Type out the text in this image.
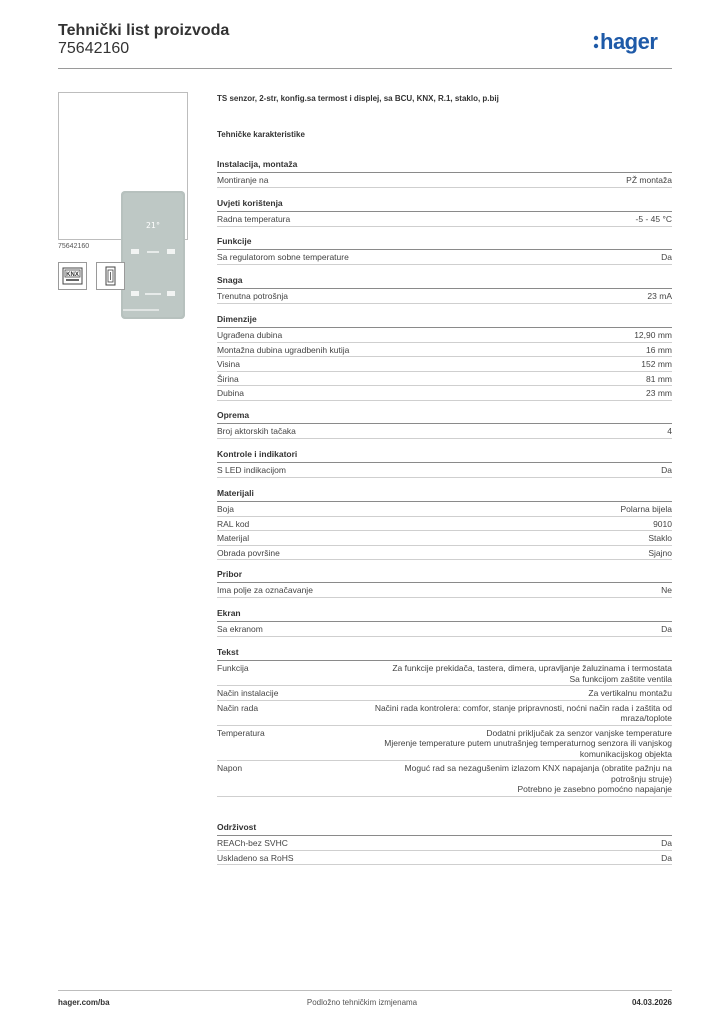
Tehnički list proizvoda
75642160	hager
21°
75642160
KNX
TS senzor, 2-str, konfig.sa termost i displej, sa BCU, KNX, R.1, staklo, p.bij
Tehničke karakteristike
Instalacija, montaža
Montiranje na	PŽ montaža
Uvjeti korištenja
Radna temperatura	-5 - 45 °C
Funkcije
Sa regulatorom sobne temperature	Da
Snaga
Trenutna potrošnja	23 mA
Dimenzije
Ugrađena dubina	12,90 mm
Montažna dubina ugradbenih kutija	16 mm
Visina	152 mm
Širina	81 mm
Dubina	23 mm
Oprema
Broj aktorskih tačaka	4
Kontrole i indikatori
S LED indikacijom	Da
Materijali
Boja	Polarna bijela
RAL kod	9010
Materijal	Staklo
Obrada površine	Sjajno
Pribor
Ima polje za označavanje	Ne
Ekran
Sa ekranom	Da
Tekst
Funkcija	Za funkcije prekidača, tastera, dimera, upravljanje žaluzinama i termostata
Sa funkcijom zaštite ventila
Način instalacije	Za vertikalnu montažu
Način rada	Načini rada kontrolera: comfor, stanje pripravnosti, noćni način rada i zaštita od mraza/toplote
Temperatura	Dodatni priključak za senzor vanjske temperature
Mjerenje temperature putem unutrašnjeg temperaturnog senzora ili vanjskog komunikacijskog objekta
Napon	Moguć rad sa nezagušenim izlazom KNX napajanja (obratite pažnju na potrošnju struje)
Potrebno je zasebno pomoćno napajanje
Održivost
REACh-bez SVHC	Da
Uskladeno sa RoHS	Da
hager.com/ba	Podložno tehničkim izmjenama	04.03.2026
